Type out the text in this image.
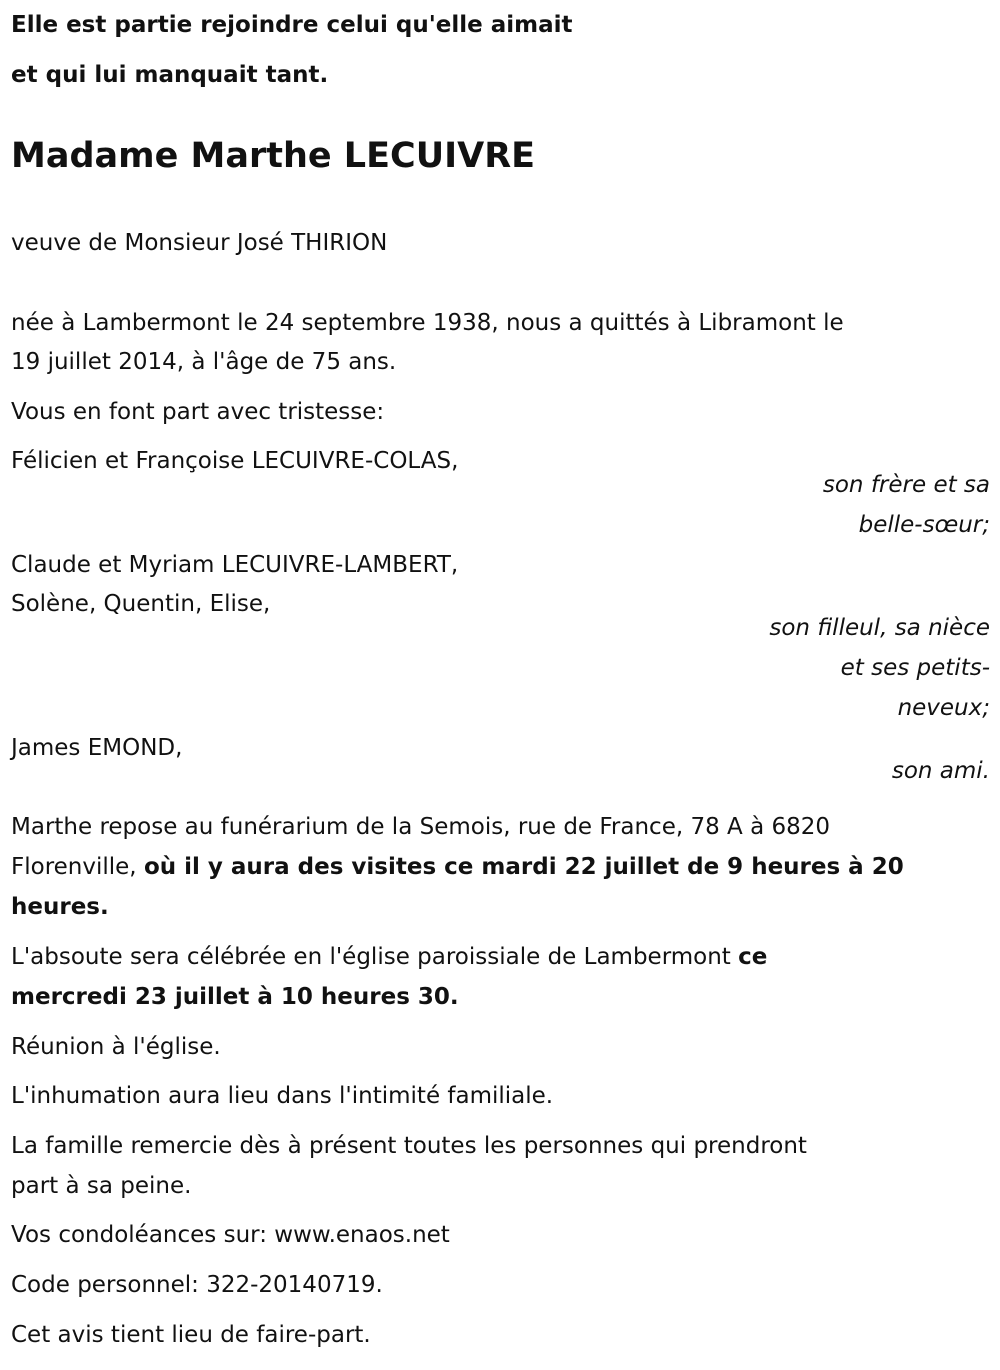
Elle est partie rejoindre celui qu'elle aimait
et qui lui manquait tant.
Madame Marthe LECUIVRE
veuve de Monsieur José THIRION
née à Lambermont le 24 septembre 1938, nous a quittés à Libramont le
19 juillet 2014, à l'âge de 75 ans.
Vous en font part avec tristesse:
Félicien et Françoise LECUIVRE-COLAS,
son frère et sa
belle-sœur;
Claude et Myriam LECUIVRE-LAMBERT,
Solène, Quentin, Elise,
son filleul, sa nièce
et ses petits-
neveux;
James EMOND,
son ami.
Marthe repose au funérarium de la Semois, rue de France, 78 A à 6820
Florenville, où il y aura des visites ce mardi 22 juillet de 9 heures à 20
heures.
L'absoute sera célébrée en l'église paroissiale de Lambermont ce
mercredi 23 juillet à 10 heures 30.
Réunion à l'église.
L'inhumation aura lieu dans l'intimité familiale.
La famille remercie dès à présent toutes les personnes qui prendront
part à sa peine.
Vos condoléances sur: www.enaos.net
Code personnel: 322-20140719.
Cet avis tient lieu de faire-part.
